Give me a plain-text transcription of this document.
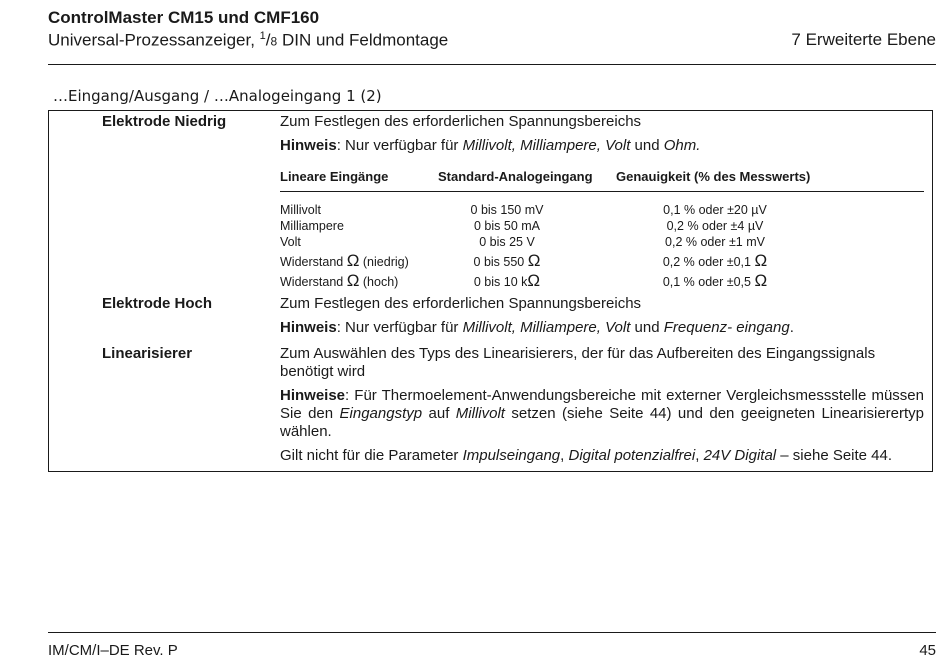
ControlMaster CM15 und CMF160
Universal-Prozessanzeiger, $^1$/8 DIN und Feldmontage	7 Erweiterte Ebene
…Eingang/Ausgang / …Analogeingang 1 (2)
Elektrode Niedrig	Zum Festlegen des erforderlichen Spannungsbereichs

Hinweis: Nur verfügbar für Millivolt, Milliampere, Volt und Ohm.

Lineare Eingänge	Standard-Analogeingang	Genauigkeit (% des Messwerts)
Millivolt	0 bis 150 mV	0,1 % oder ±20 µV
Milliampere	0 bis 50 mA	0,2 % oder ±4 µV
Volt	0 bis 25 V	0,2 % oder ±1 mV
Widerstand Ω (niedrig)	0 bis 550 Ω	0,2 % oder ±0,1 Ω
Widerstand Ω (hoch)	0 bis 10 kΩ	0,1 % oder ±0,5 Ω
Elektrode Hoch	Zum Festlegen des erforderlichen Spannungsbereichs

Hinweis: Nur verfügbar für Millivolt, Milliampere, Volt und Frequenz- eingang.

Linearisierer	Zum Auswählen des Typs des Linearisierers, der für das Aufbereiten des Eingangssignals benötigt wird

Hinweise: Für Thermoelement-Anwendungsbereiche mit externer Vergleichsmessstelle müssen Sie den Eingangstyp auf Millivolt setzen (siehe Seite 44) und den geeigneten Linearisierertyp wählen.

Gilt nicht für die Parameter Impulseingang, Digital potenzialfrei, 24V Digital – siehe Seite 44.

IM/CM/I–DE Rev. P	45
